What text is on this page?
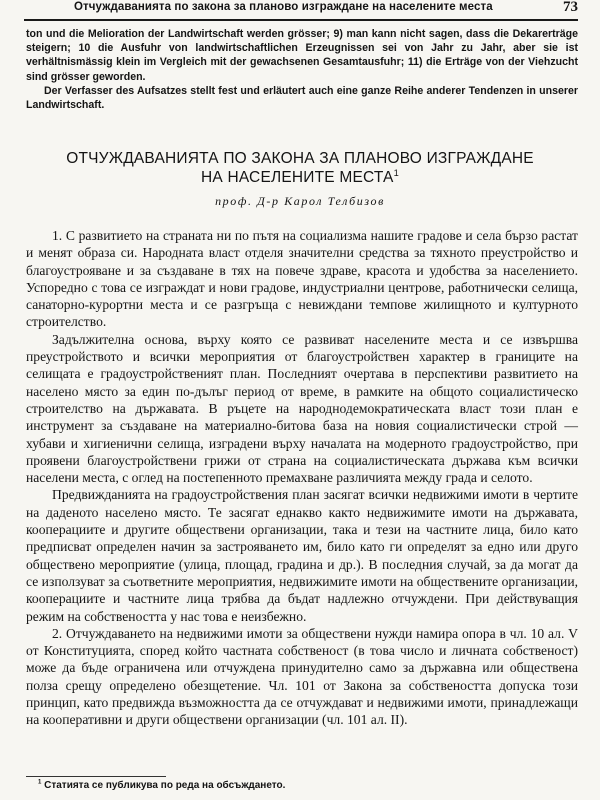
Отчуждаванията по закона за планово изграждане на населените места	73

ton und die Melioration der Landwirtschaft werden grösser; 9) man kann nicht sagen, dass die Dekarerträge steigern; 10 die Ausfuhr von landwirtschaftlichen Erzeugnissen sei von Jahr zu Jahr, aber sie ist verhältnismässig klein im Vergleich mit der gewachsenen Gesamtausfuhr; 11) die Erträge von der Viehzucht sind grösser geworden.

Der Verfasser des Aufsatzes stellt fest und erläutert auch eine ganze Reihe anderer Tendenzen in unserer Landwirtschaft.

ОТЧУЖДАВАНИЯТА ПО ЗАКОНА ЗА ПЛАНОВО ИЗГРАЖДАНЕ
НА НАСЕЛЕНИТЕ МЕСТА$^1$
проф. Д-р Карол Телбизов

1. С развитието на страната ни по пътя на социализма нашите градове и села бързо растат и менят образа си. Народната власт отделя значителни средства за тяхното преустройство и благоустрояване и за създаване в тях на повече здраве, красота и удобства за населението. Успоредно с това се изграждат и нови градове, индустриални центрове, работнически селища, санаторно-курортни места и се разгръща с невиждани темпове жилищното и културното строителство.

Задължителна основа, върху която се развиват населените места и се извършва преустройството и всички мероприятия от благоустройствен характер в границите на селищата е градоустройственият план. Последният очертава в перспективи развитието на населено място за един по-дълъг период от време, в рамките на общото социалистическо строителство на държавата. В ръцете на народнодемократическата власт този план е инструмент за създаване на материално-битова база на новия социалистически строй — хубави и хигиенични селища, изградени върху началата на модерното градоустройство, при проявени благоустройствени грижи от страна на социалистическата държава към всички населени места, с оглед на постепенното премахване различията между града и селото.

Предвижданията на градоустройствения план засягат всички недвижими имоти в чертите на даденото населено място. Те засягат еднакво както недвижимите имоти на държавата, кооперациите и другите обществени организации, така и тези на частните лица, било като предписват определен начин за застрояването им, било като ги определят за едно или друго обществено мероприятие (улица, площад, градина и др.). В последния случай, за да могат да се използуват за съответните мероприятия, недвижимите имоти на обществените организации, кооперациите и частните лица трябва да бъдат надлежно отчуждени. При действуващия режим на собствеността у нас това е неизбежно.

2. Отчуждаването на недвижими имоти за обществени нужди намира опора в чл. 10 ал. V от Конституцията, според който частната собственост (в това число и личната собственост) може да бъде ограничена или отчуждена принудително само за държавна или обществена полза срещу определено обезщетение. Чл. 101 от Закона за собствеността допуска този принцип, като предвижда възможността да се отчуждават и недвижими имоти, принадлежащи на кооперативни и други обществени организации (чл. 101 ал. II).

$^1$ Статията се публикува по реда на обсъждането.
